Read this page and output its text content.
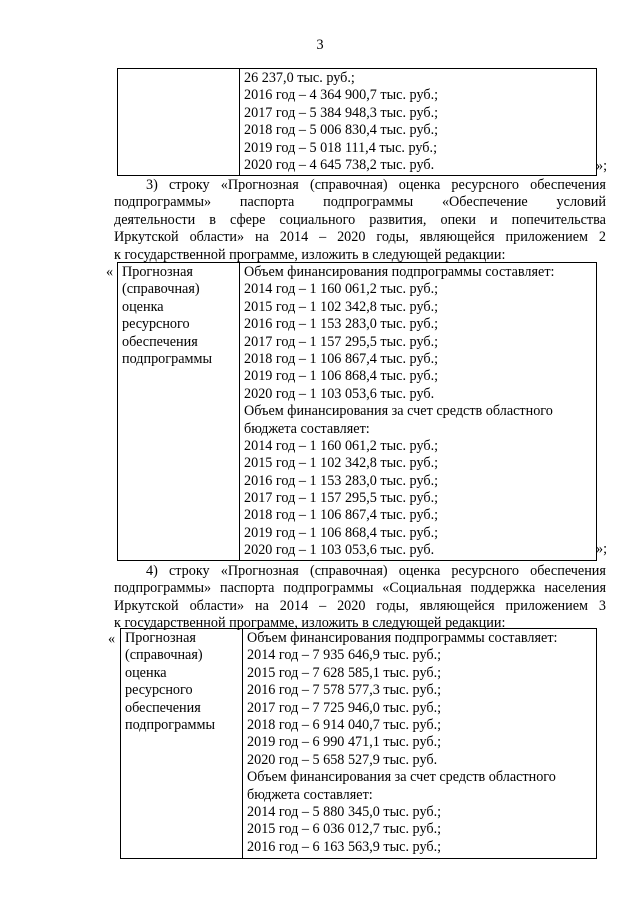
3
26 237,0 тыс. руб.;
2016 год – 4 364 900,7 тыс. руб.;
2017 год – 5 384 948,3 тыс. руб.;
2018 год – 5 006 830,4 тыс. руб.;
2019 год – 5 018 111,4 тыс. руб.;
2020 год – 4 645 738,2 тыс. руб.	»;
3) строку «Прогнозная (справочная) оценка ресурсного обеспечения
подпрограммы» паспорта подпрограммы «Обеспечение условий
деятельности в сфере социального развития, опеки и попечительства
Иркутской области» на 2014 – 2020 годы, являющейся приложением 2
к государственной программе, изложить в следующей редакции:
« Прогнозная
(справочная)
оценка
ресурсного
обеспечения
подпрограммы
Объем финансирования подпрограммы составляет:
2014 год – 1 160 061,2 тыс. руб.;
2015 год – 1 102 342,8 тыс. руб.;
2016 год – 1 153 283,0 тыс. руб.;
2017 год – 1 157 295,5 тыс. руб.;
2018 год – 1 106 867,4 тыс. руб.;
2019 год – 1 106 868,4 тыс. руб.;
2020 год – 1 103 053,6 тыс. руб.
Объем финансирования за счет средств областного
бюджета составляет:
2014 год – 1 160 061,2 тыс. руб.;
2015 год – 1 102 342,8 тыс. руб.;
2016 год – 1 153 283,0 тыс. руб.;
2017 год – 1 157 295,5 тыс. руб.;
2018 год – 1 106 867,4 тыс. руб.;
2019 год – 1 106 868,4 тыс. руб.;
2020 год – 1 103 053,6 тыс. руб.	»;
4) строку «Прогнозная (справочная) оценка ресурсного обеспечения
подпрограммы» паспорта подпрограммы «Социальная поддержка населения
Иркутской области» на 2014 – 2020 годы, являющейся приложением 3
к государственной программе, изложить в следующей редакции:
« Прогнозная
(справочная)
оценка
ресурсного
обеспечения
подпрограммы
Объем финансирования подпрограммы составляет:
2014 год – 7 935 646,9 тыс. руб.;
2015 год – 7 628 585,1 тыс. руб.;
2016 год – 7 578 577,3 тыс. руб.;
2017 год – 7 725 946,0 тыс. руб.;
2018 год – 6 914 040,7 тыс. руб.;
2019 год – 6 990 471,1 тыс. руб.;
2020 год – 5 658 527,9 тыс. руб.
Объем финансирования за счет средств областного
бюджета составляет:
2014 год – 5 880 345,0 тыс. руб.;
2015 год – 6 036 012,7 тыс. руб.;
2016 год – 6 163 563,9 тыс. руб.;
